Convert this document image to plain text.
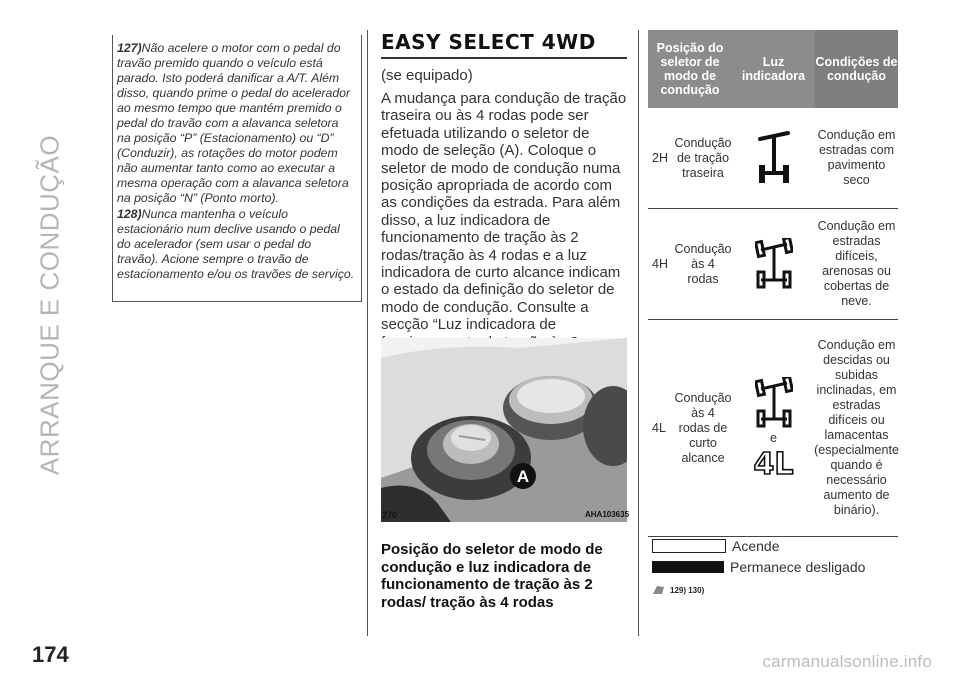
ARRANQUE E CONDUÇÃO

127)Não acelere o motor com o pedal do travão premido quando o veículo está parado. Isto poderá danificar a A/T. Além disso, quando prime o pedal do acelerador ao mesmo tempo que mantém premido o pedal do travão com a alavanca seletora na posição “P” (Estacionamento) ou “D” (Conduzir), as rotações do motor podem não aumentar tanto como ao executar a mesma operação com a alavanca seletora na posição “N” (Ponto morto).

128)Nunca mantenha o veículo estacionário num declive usando o pedal do acelerador (sem usar o pedal do travão). Acione sempre o travão de estacionamento e/ou os travões de serviço.

EASY SELECT 4WD

(se equipado)

A mudança para condução de tração traseira ou às 4 rodas pode ser efetuada utilizando o seletor de modo de seleção (A). Coloque o seletor de modo de condução numa posição apropriada de acordo com as condições da estrada. Para além disso, a luz indicadora de funcionamento de tração às 2 rodas/tração às 4 rodas e a luz indicadora de curto alcance indicam o estado da definição do seletor de modo de condução. Consulte a secção “Luz indicadora de

A
270	AHA103635
Posição do seletor de modo de condução e luz indicadora de funcionamento de tração às 2 rodas/ tração às 4 rodas
Posição do seletor de modo de condução
Luz indicadora
Condições de condução
2H
Condução de tração traseira
Condução em estradas com pavimento seco
4H
Condução às 4 rodas
Condução em estradas difíceis, arenosas ou cobertas de neve.
4L
Condução às 4 rodas de curto alcance
e
4L
Condução em descidas ou subidas inclinadas, em estradas difíceis ou lamacentas (especialmente quando é necessário aumento de binário).
Acende
Permanece desligado
129) 130)
174	carmanualsonline.info
